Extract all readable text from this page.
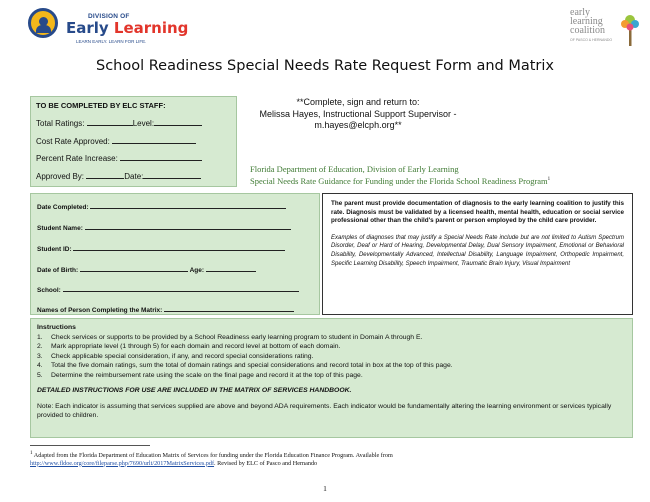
DIVISION OF
Early Learning
LEARN EARLY. LEARN FOR LIFE.
early
learning
coalition
OF PASCO & HERNANDO
School Readiness Special Needs Rate Request Form and Matrix
TO BE COMPLETED BY ELC STAFF:
Total Ratings:	Level:
Cost Rate Approved:
Percent Rate Increase:
Approved By:	Date:
**Complete, sign and return to:
Melissa Hayes, Instructional Support Supervisor -
m.hayes@elcph.org**
Florida Department of Education, Division of Early Learning
Special Needs Rate Guidance for Funding under the Florida School Readiness Program$^1$
Date Completed:
Student Name:
Student ID:
Date of Birth:	Age:
School:
Names of Person Completing the Matrix:
The parent must provide documentation of diagnosis to the early learning coalition to justify this rate. Diagnosis must be validated by a licensed health, mental health, education or social service professional other than the child's parent or person employed by the child care provider.
Examples of diagnoses that may justify a Special Needs Rate include but are not limited to Autism Spectrum Disorder, Deaf or Hard of Hearing, Developmental Delay, Dual Sensory Impairment, Emotional or Behavioral Disability, Developmentally Advanced, Intellectual Disability, Language Impairment, Orthopedic Impairment, Specific Learning Disability, Speech Impairment, Traumatic Brain Injury, Visual Impairment
Instructions
1. Check services or supports to be provided by a School Readiness early learning program to student in Domain A through E.
2. Mark appropriate level (1 through 5) for each domain and record level at bottom of each domain.
3. Check applicable special consideration, if any, and record special considerations rating.
4. Total the five domain ratings, sum the total of domain ratings and special considerations and record total in box at the top of this page.
5. Determine the reimbursement rate using the scale on the final page and record it at the top of this page.
DETAILED INSTRUCTIONS FOR USE ARE INCLUDED IN THE MATRIX OF SERVICES HANDBOOK.
Note: Each indicator is assuming that services supplied are above and beyond ADA requirements. Each indicator would be fundamentally altering the learning environment or services typically provided to children.
$^1$ Adapted from the Florida Department of Education Matrix of Services for funding under the Florida Education Finance Program. Available from
http://www.fldoe.org/core/fileparse.php/7690/urlt/2017MatrixServices.pdf. Revised by ELC of Pasco and Hernando
1
